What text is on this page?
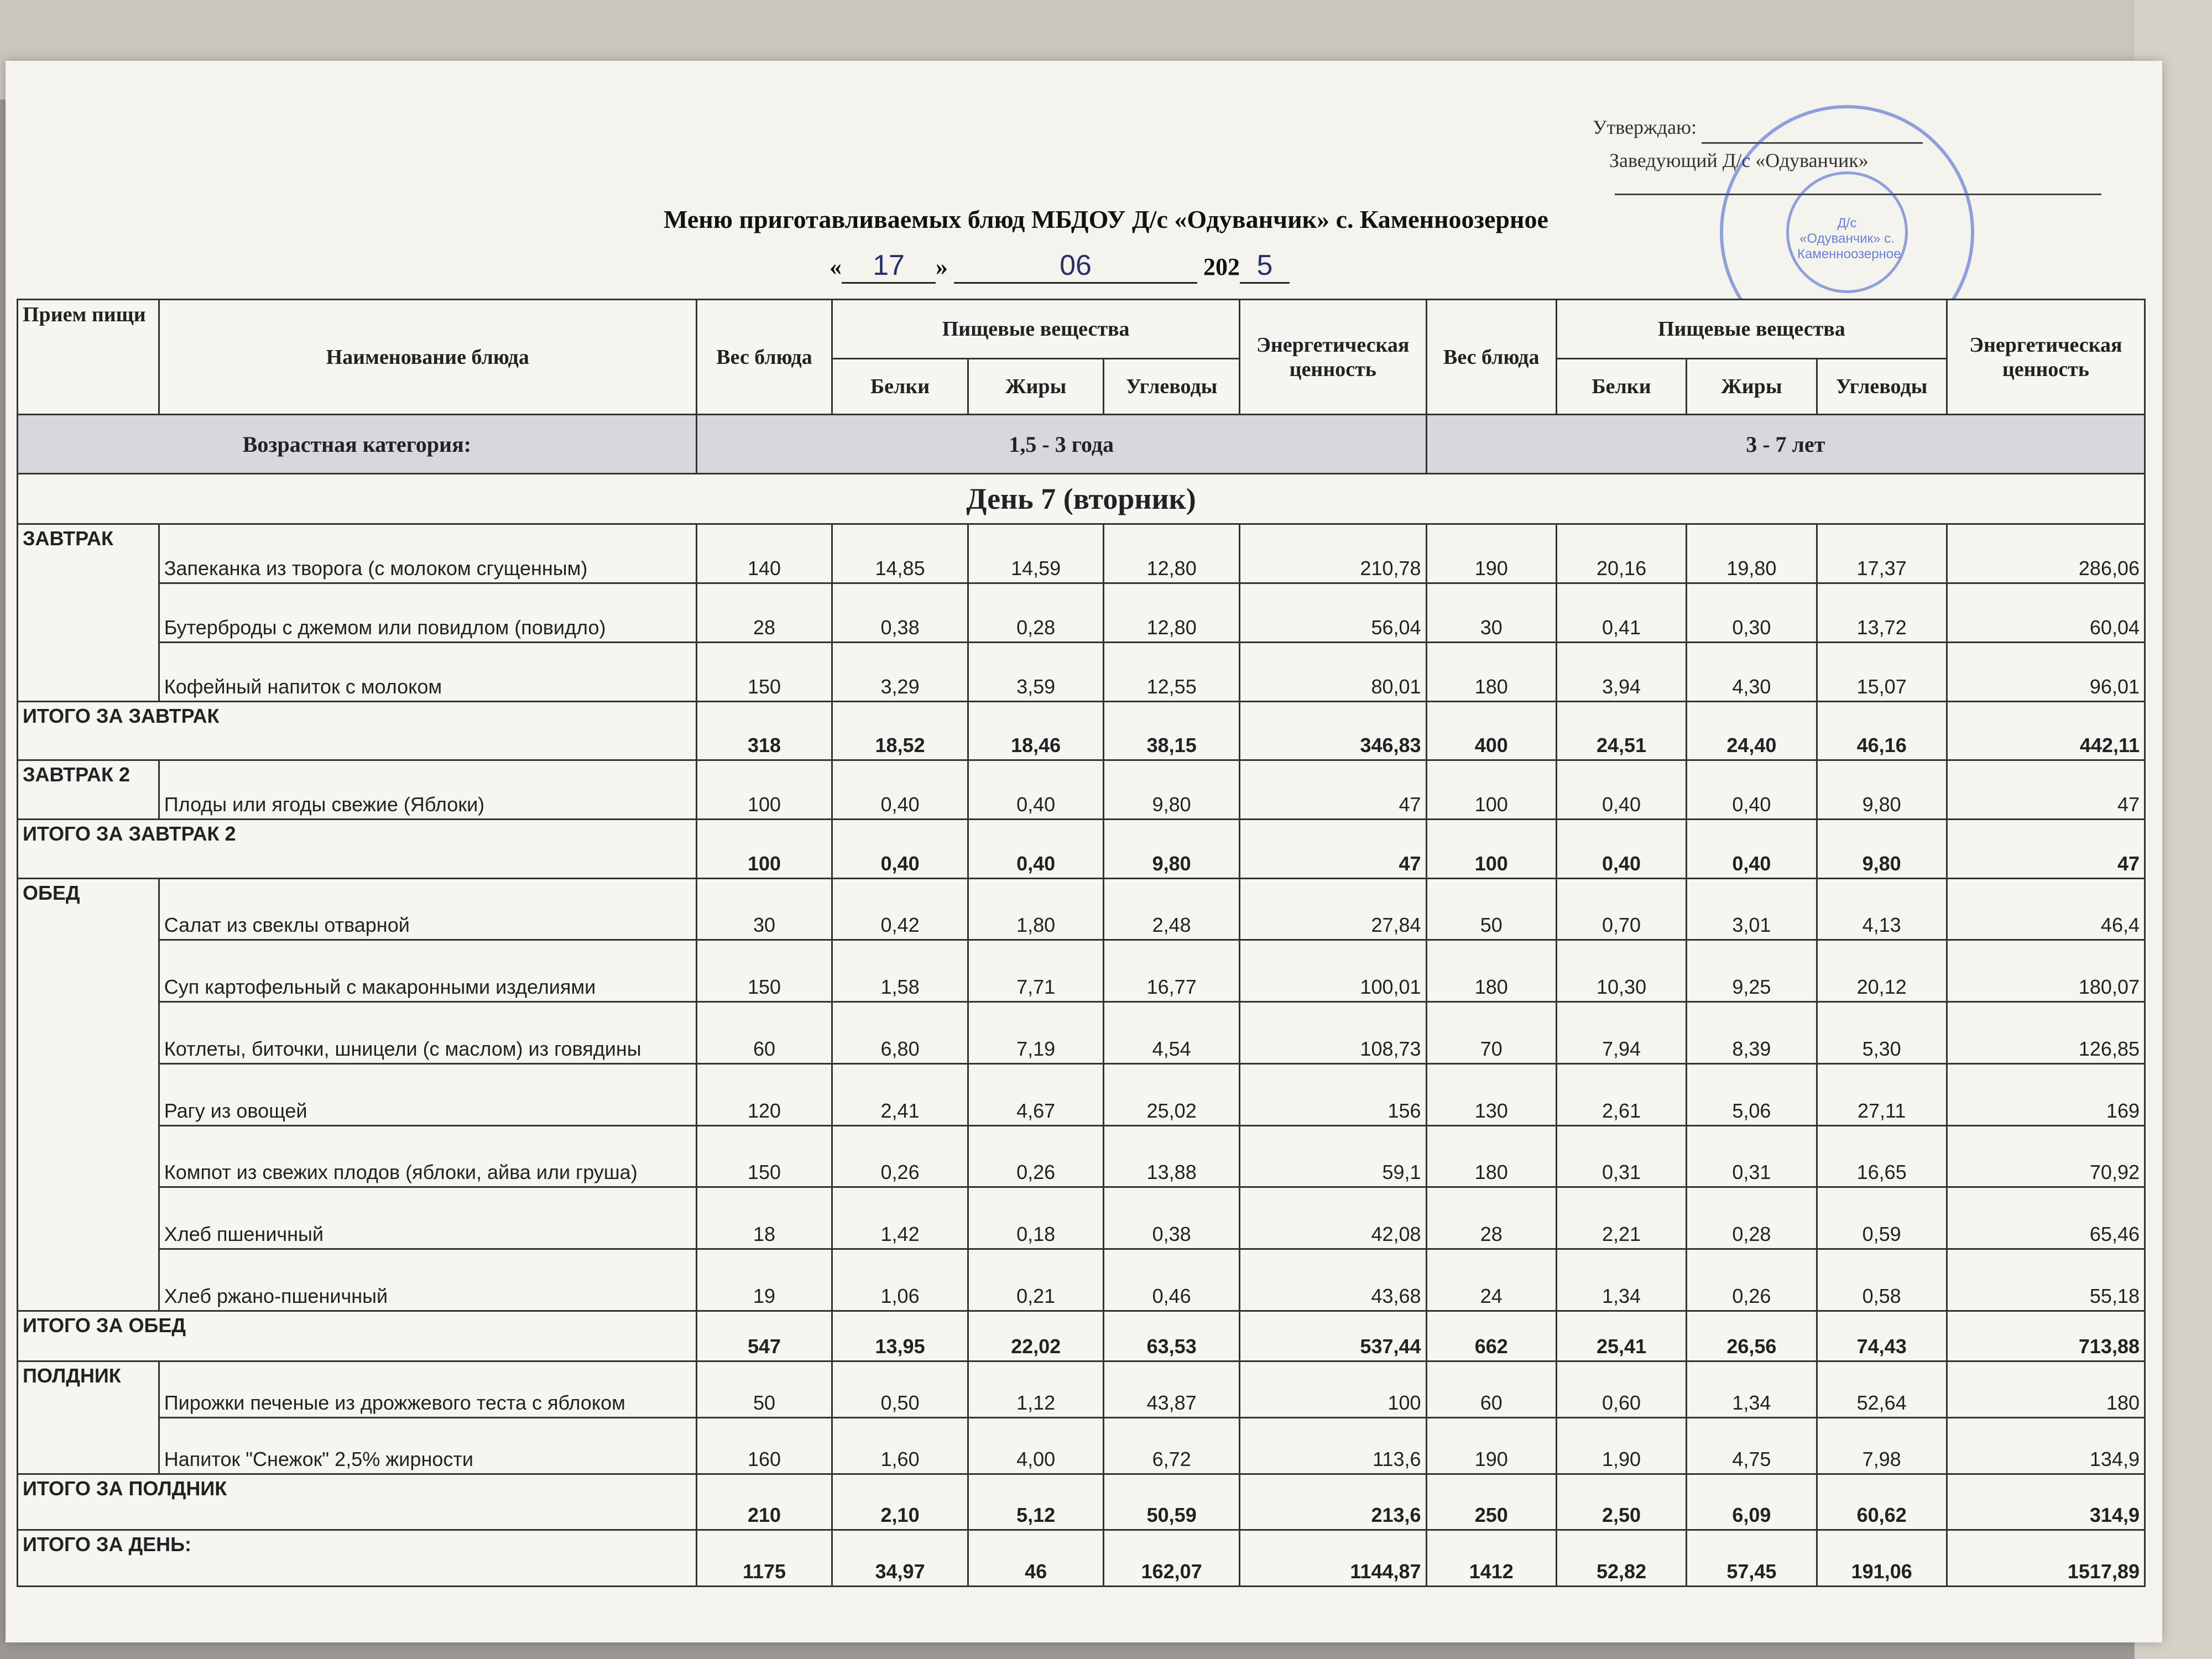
Утверждаю:
Заведующий Д/с «Одуванчик»
Д/с «Одуванчик» с. Каменноозерное
Меню приготавливаемых блюд МБДОУ Д/с «Одуванчик» с. Каменноозерное
« 17 »	06	202 5
Прием пищи	Наименование блюда	Вес блюда	Пищевые вещества			Энергетическая ценность	Вес блюда	Пищевые вещества			Энергетическая ценность
			Белки	Жиры	Углеводы			Белки	Жиры	Углеводы	
Возрастная категория:		1,5 - 3 года					3 - 7 лет				
День 7 (вторник)											
ЗАВТРАК	Запеканка из творога (с молоком сгущенным)	140	14,85	14,59	12,80	210,78	190	20,16	19,80	17,37	286,06
	Бутерброды с джемом или повидлом (повидло)	28	0,38	0,28	12,80	56,04	30	0,41	0,30	13,72	60,04
	Кофейный напиток с молоком	150	3,29	3,59	12,55	80,01	180	3,94	4,30	15,07	96,01
ИТОГО ЗА ЗАВТРАК		318	18,52	18,46	38,15	346,83	400	24,51	24,40	46,16	442,11
ЗАВТРАК 2	Плоды или ягоды свежие (Яблоки)	100	0,40	0,40	9,80	47	100	0,40	0,40	9,80	47
ИТОГО ЗА ЗАВТРАК 2		100	0,40	0,40	9,80	47	100	0,40	0,40	9,80	47
ОБЕД	Салат из свеклы отварной	30	0,42	1,80	2,48	27,84	50	0,70	3,01	4,13	46,4
	Суп картофельный с макаронными изделиями	150	1,58	7,71	16,77	100,01	180	10,30	9,25	20,12	180,07
	Котлеты, биточки, шницели (с маслом) из говядины	60	6,80	7,19	4,54	108,73	70	7,94	8,39	5,30	126,85
	Рагу из овощей	120	2,41	4,67	25,02	156	130	2,61	5,06	27,11	169
	Компот из свежих плодов (яблоки, айва или груша)	150	0,26	0,26	13,88	59,1	180	0,31	0,31	16,65	70,92
	Хлеб пшеничный	18	1,42	0,18	0,38	42,08	28	2,21	0,28	0,59	65,46
	Хлеб ржано-пшеничный	19	1,06	0,21	0,46	43,68	24	1,34	0,26	0,58	55,18
ИТОГО ЗА ОБЕД		547	13,95	22,02	63,53	537,44	662	25,41	26,56	74,43	713,88
ПОЛДНИК	Пирожки печеные из дрожжевого теста с яблоком	50	0,50	1,12	43,87	100	60	0,60	1,34	52,64	180
	Напиток "Снежок" 2,5% жирности	160	1,60	4,00	6,72	113,6	190	1,90	4,75	7,98	134,9
ИТОГО ЗА ПОЛДНИК		210	2,10	5,12	50,59	213,6	250	2,50	6,09	60,62	314,9
ИТОГО ЗА ДЕНЬ:		1175	34,97	46	162,07	1144,87	1412	52,82	57,45	191,06	1517,89
